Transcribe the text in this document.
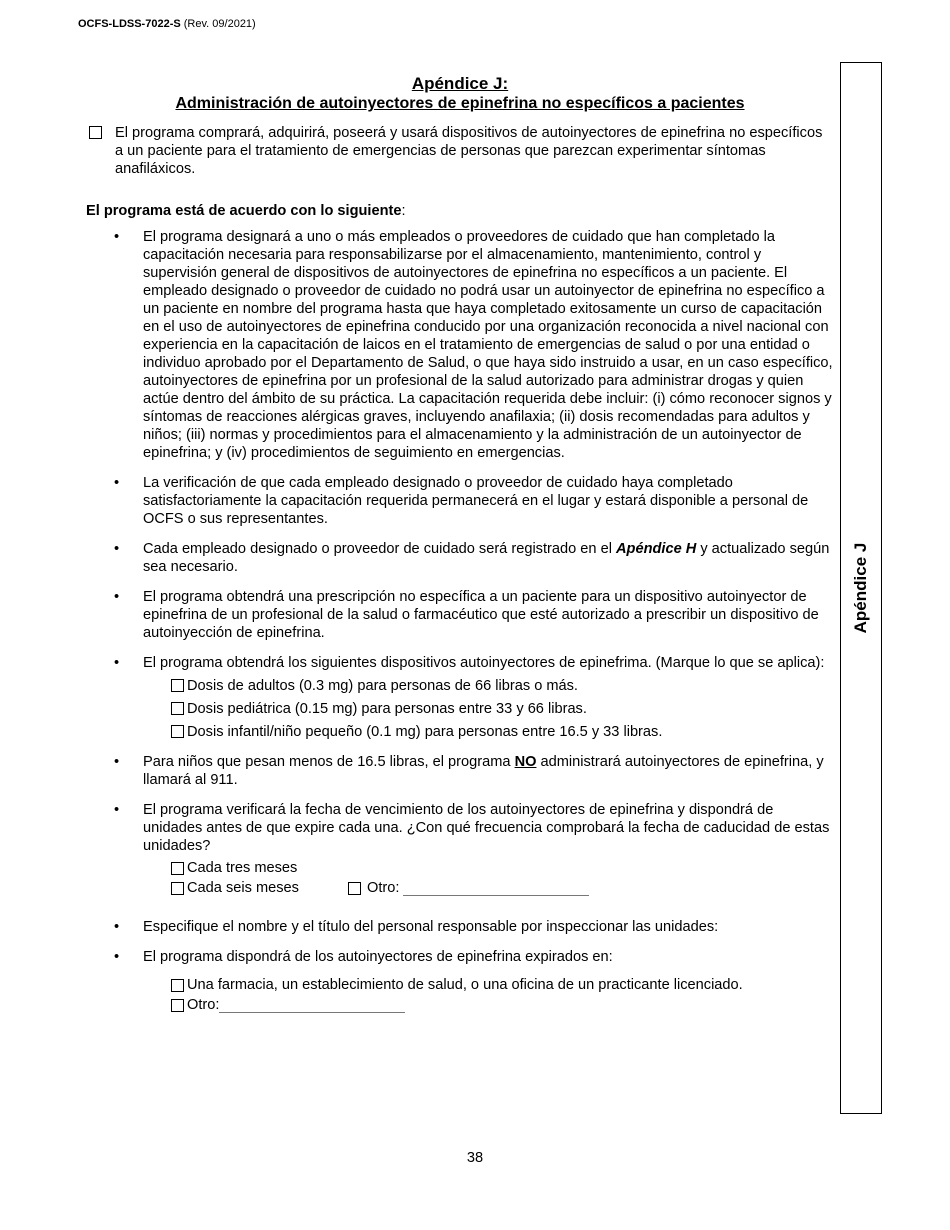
OCFS-LDSS-7022-S (Rev. 09/2021)
Apéndice J
Apéndice J:
Administración de autoinyectores de epinefrina no específicos a pacientes
El programa comprará, adquirirá, poseerá y usará dispositivos de autoinyectores de epinefrina no específicos a un paciente para el tratamiento de emergencias de personas que parezcan experimentar síntomas anafiláxicos.
El programa está de acuerdo con lo siguiente:
• El programa designará a uno o más empleados o proveedores de cuidado que han completado la capacitación necesaria para responsabilizarse por el almacenamiento, mantenimiento, control y supervisión general de dispositivos de autoinyectores de epinefrina no específicos a un paciente. El empleado designado o proveedor de cuidado no podrá usar un autoinyector de epinefrina no específico a un paciente en nombre del programa hasta que haya completado exitosamente un curso de capacitación en el uso de autoinyectores de epinefrina conducido por una organización reconocida a nivel nacional con experiencia en la capacitación de laicos en el tratamiento de emergencias de salud o por una entidad o individuo aprobado por el Departamento de Salud, o que haya sido instruido a usar, en un caso específico, autoinyectores de epinefrina por un profesional de la salud autorizado para administrar drogas y quien actúe dentro del ámbito de su práctica. La capacitación requerida debe incluir: (i) cómo reconocer signos y síntomas de reacciones alérgicas graves, incluyendo anafilaxia; (ii) dosis recomendadas para adultos y niños; (iii) normas y procedimientos para el almacenamiento y la administración de un autoinyector de epinefrina; y (iv) procedimientos de seguimiento en emergencias.
• La verificación de que cada empleado designado o proveedor de cuidado haya completado satisfactoriamente la capacitación requerida permanecerá en el lugar y estará disponible a personal de OCFS o sus representantes.
• Cada empleado designado o proveedor de cuidado será registrado en el Apéndice H y actualizado según sea necesario.
• El programa obtendrá una prescripción no específica a un paciente para un dispositivo autoinyector de epinefrina de un profesional de la salud o farmacéutico que esté autorizado a prescribir un dispositivo de autoinyección de epinefrina.
• El programa obtendrá los siguientes dispositivos autoinyectores de epinefrima. (Marque lo que se aplica):
Dosis de adultos (0.3 mg) para personas de 66 libras o más.
Dosis pediátrica (0.15 mg) para personas entre 33 y 66 libras.
Dosis infantil/niño pequeño (0.1 mg) para personas entre 16.5 y 33 libras.
• Para niños que pesan menos de 16.5 libras, el programa NO administrará autoinyectores de epinefrina, y llamará al 911.
• El programa verificará la fecha de vencimiento de los autoinyectores de epinefrina y dispondrá de unidades antes de que expire cada una. ¿Con qué frecuencia comprobará la fecha de caducidad de estas unidades?
Cada tres meses
Cada seis meses	Otro:
• Especifique el nombre y el título del personal responsable por inspeccionar las unidades:
• El programa dispondrá de los autoinyectores de epinefrina expirados en:
Una farmacia, un establecimiento de salud, o una oficina de un practicante licenciado.
Otro:
38
